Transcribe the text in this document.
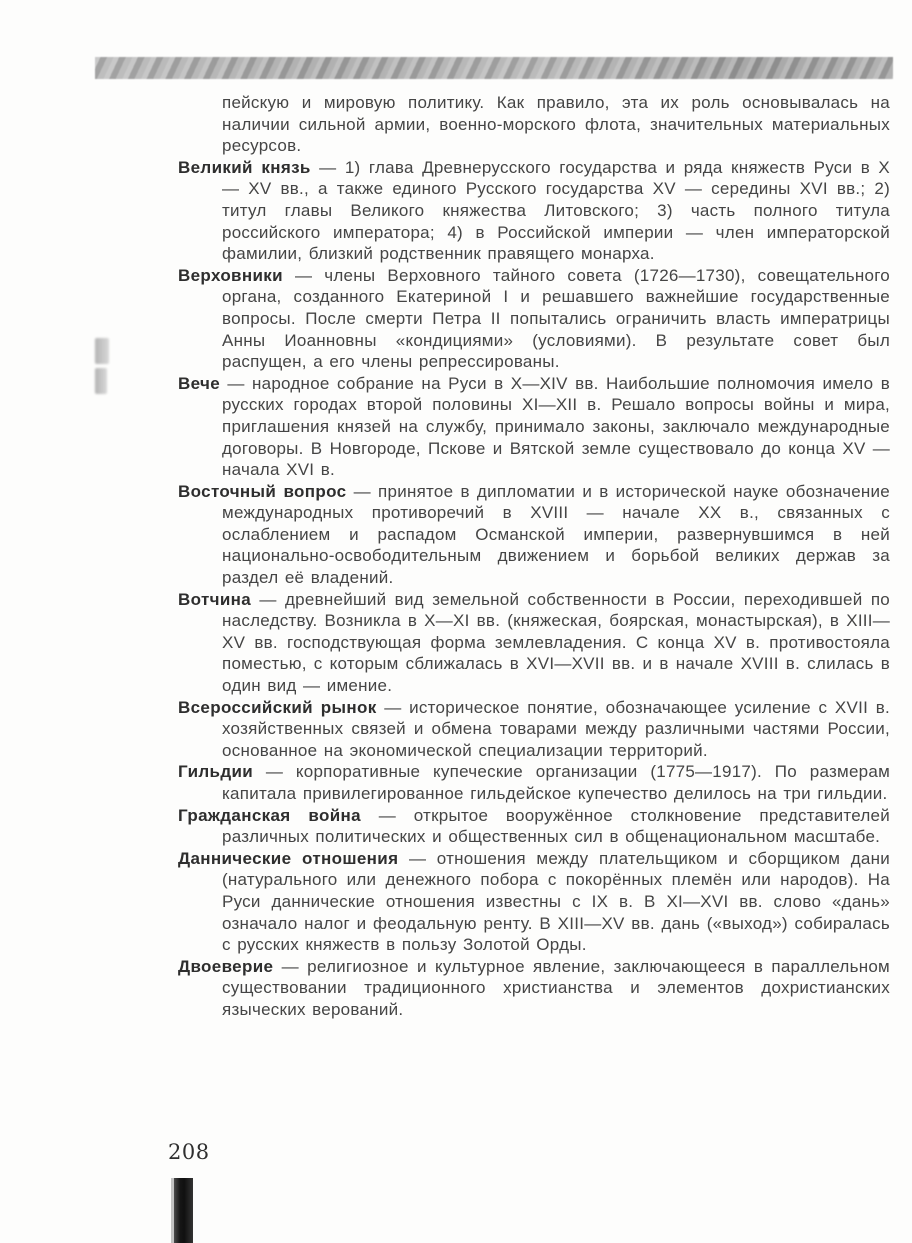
пейскую и мировую политику. Как правило, эта их роль основывалась на наличии сильной армии, военно-морского флота, значительных материальных ресурсов.
Великий князь — 1) глава Древнерусского государства и ряда княжеств Руси в X — XV вв., а также единого Русского государства XV — середины XVI вв.; 2) титул главы Великого княжества Литовского; 3) часть полного титула российского императора; 4) в Российской империи — член императорской фамилии, близкий родственник правящего монарха.
Верховники — члены Верховного тайного совета (1726—1730), совещательного органа, созданного Екатериной I и решавшего важнейшие государственные вопросы. После смерти Петра II попытались ограничить власть императрицы Анны Иоанновны «кондициями» (условиями). В результате совет был распущен, а его члены репрессированы.
Вече — народное собрание на Руси в X—XIV вв. Наибольшие полномочия имело в русских городах второй половины XI—XII в. Решало вопросы войны и мира, приглашения князей на службу, принимало законы, заключало международные договоры. В Новгороде, Пскове и Вятской земле существовало до конца XV — начала XVI в.
Восточный вопрос — принятое в дипломатии и в исторической науке обозначение международных противоречий в XVIII — начале XX в., связанных с ослаблением и распадом Османской империи, развернувшимся в ней национально-освободительным движением и борьбой великих держав за раздел её владений.
Вотчина — древнейший вид земельной собственности в России, переходившей по наследству. Возникла в X—XI вв. (княжеская, боярская, монастырская), в XIII—XV вв. господствующая форма землевладения. С конца XV в. противостояла поместью, с которым сближалась в XVI—XVII вв. и в начале XVIII в. слилась в один вид — имение.
Всероссийский рынок — историческое понятие, обозначающее усиление с XVII в. хозяйственных связей и обмена товарами между различными частями России, основанное на экономической специализации территорий.
Гильдии — корпоративные купеческие организации (1775—1917). По размерам капитала привилегированное гильдейское купечество делилось на три гильдии.
Гражданская война — открытое вооружённое столкновение представителей различных политических и общественных сил в общенациональном масштабе.
Даннические отношения — отношения между плательщиком и сборщиком дани (натурального или денежного побора с покорённых племён или народов). На Руси даннические отношения известны с IX в. В XI—XVI вв. слово «дань» означало налог и феодальную ренту. В XIII—XV вв. дань («выход») собиралась с русских княжеств в пользу Золотой Орды.
Двоеверие — религиозное и культурное явление, заключающееся в параллельном существовании традиционного христианства и элементов дохристианских языческих верований.
208
